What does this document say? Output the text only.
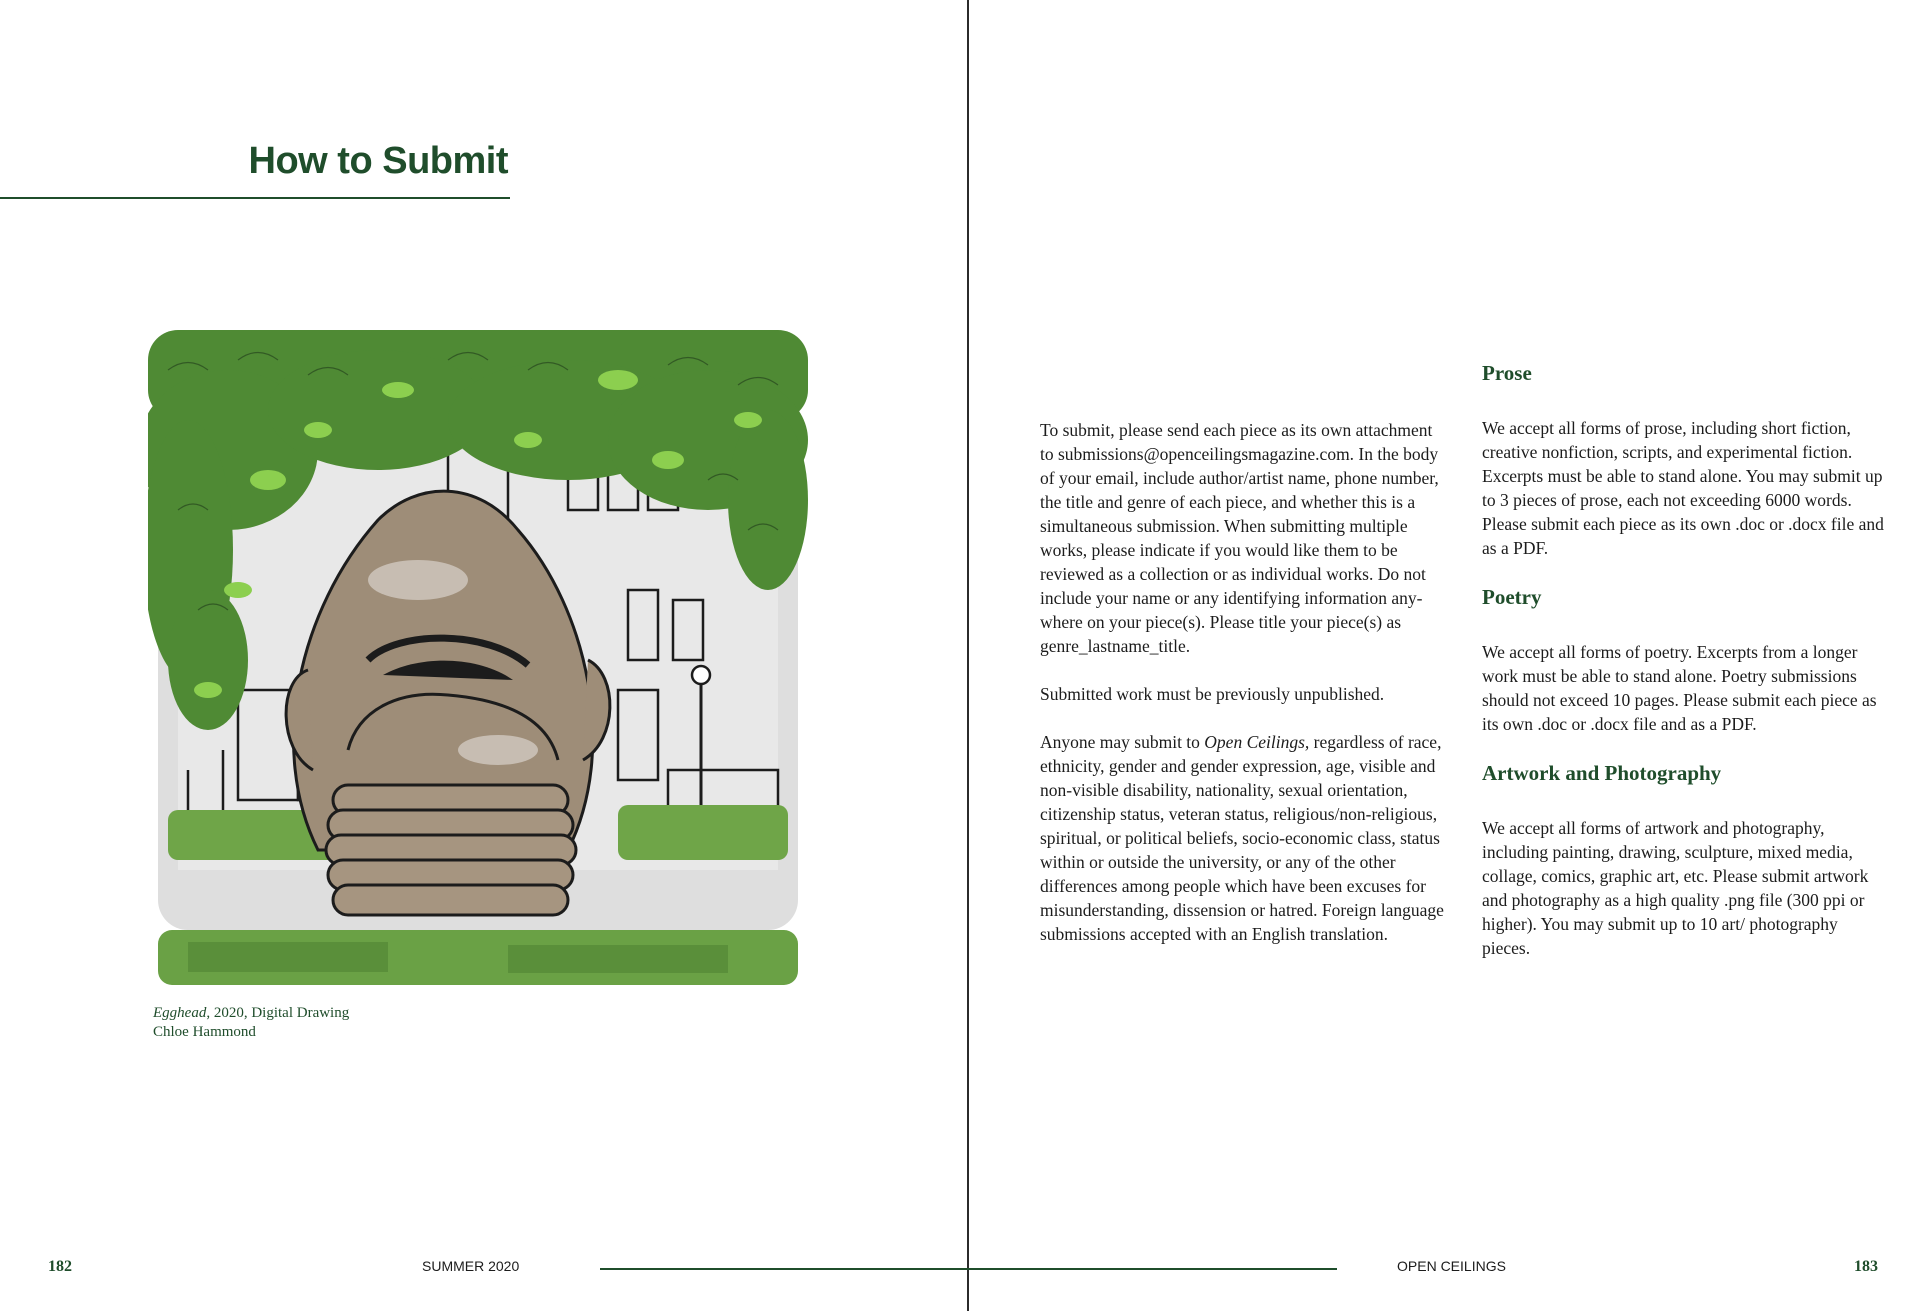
How to Submit
Egghead, 2020, Digital Drawing
Chloe Hammond

To submit, please send each piece as its own attachment to submissions@openceilingsmagazine.com. In the body of your email, include author/artist name, phone number, the title and genre of each piece, and whether this is a simultaneous submission. When submitting multiple works, please indicate if you would like them to be reviewed as a collection or as individual works. Do not include your name or any identifying information anywhere on your piece(s). Please title your piece(s) as genre_lastname_title.

Submitted work must be previously unpublished.

Anyone may submit to Open Ceilings, regardless of race, ethnicity, gender and gender expression, age, visible and non-visible disability, nationality, sexual orientation, citizenship status, veteran status, religious/non-religious, spiritual, or political beliefs, socio-economic class, status within or outside the university, or any of the other differences among people which have been excuses for misunderstanding, dissension or hatred. Foreign language submissions accepted with an English translation.

Prose

We accept all forms of prose, including short fiction, creative nonfiction, scripts, and experimental fiction. Excerpts must be able to stand alone. You may submit up to 3 pieces of prose, each not exceeding 6000 words. Please submit each piece as its own .doc or .docx file and as a PDF.

Poetry

We accept all forms of poetry. Excerpts from a longer work must be able to stand alone. Poetry submissions should not exceed 10 pages. Please submit each piece as its own .doc or .docx file and as a PDF.

Artwork and Photography

We accept all forms of artwork and photography, including painting, drawing, sculpture, mixed media, collage, comics, graphic art, etc. Please submit artwork and photography as a high quality .png file (300 ppi or higher). You may submit up to 10 art/ photography pieces.

182	SUMMER 2020	OPEN CEILINGS	183
